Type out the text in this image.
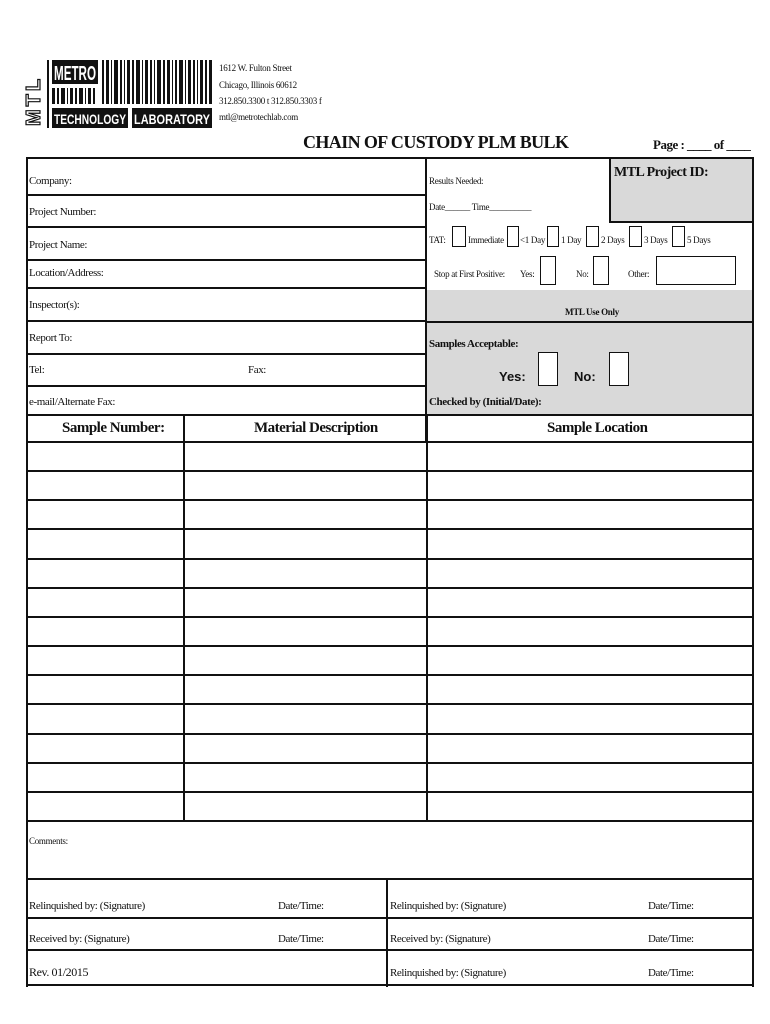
MTL
METRO
TECHNOLOGY LABORATORY
1612 W. Fulton Street
Chicago, Illinois 60612
312.850.3300 t 312.850.3303 f
mtl@metrotechlab.com
CHAIN OF CUSTODY PLM BULK	Page : ____ of ____
Company:
Project Number:
Project Name:
Location/Address:
Inspector(s):
Report To:
Tel:	Fax:
e-mail/Alternate Fax:
Results Needed:
Date______ Time__________
MTL Project ID:
TAT: Immediate <1 Day 1 Day 2 Days 3 Days 5 Days
Stop at First Positive: Yes:	No:	Other:
MTL Use Only
Samples Acceptable:
Yes:	No:
Checked by (Initial/Date):
Sample Number:	Material Description	Sample Location
Comments:
Relinquished by: (Signature)	Date/Time:	Relinquished by: (Signature)	Date/Time:
Received by: (Signature)	Date/Time:	Received by: (Signature)	Date/Time:
Rev. 01/2015	Relinquished by: (Signature)	Date/Time:
